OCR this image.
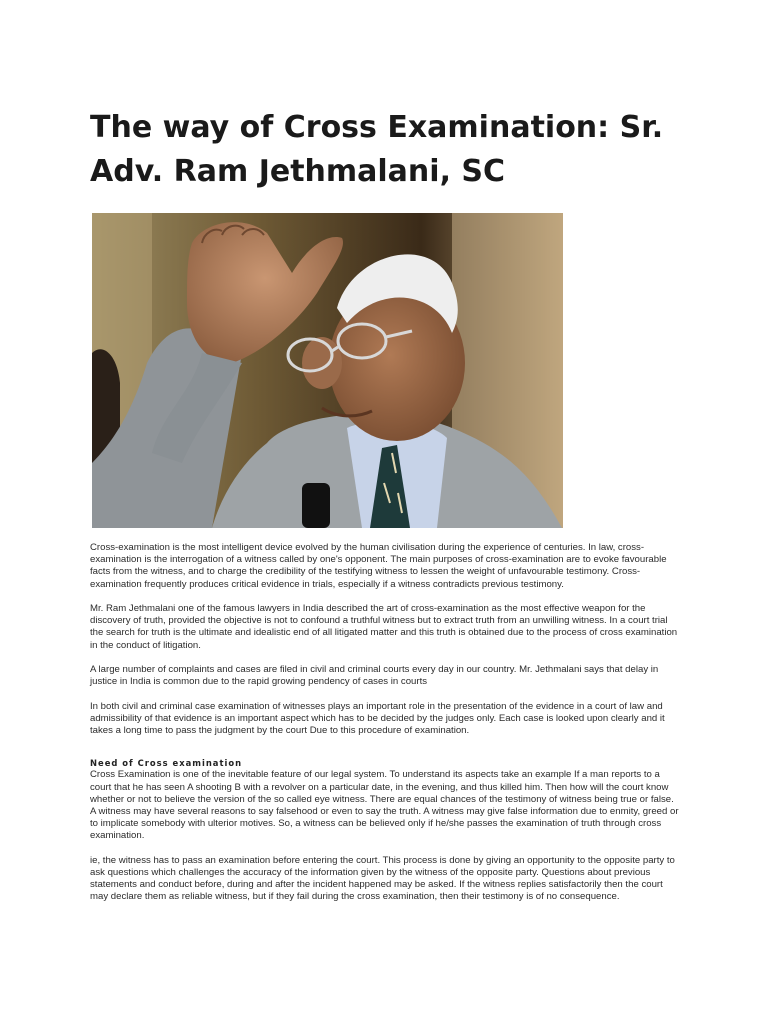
The way of Cross Examination: Sr. Adv. Ram Jethmalani, SC

Cross-examination is the most intelligent device evolved by the human civilisation during the experience of centuries. In law, cross-examination is the interrogation of a witness called by one's opponent. The main purposes of cross-examination are to evoke favourable facts from the witness, and to charge the credibility of the testifying witness to lessen the weight of unfavourable testimony. Cross-examination frequently produces critical evidence in trials, especially if a witness contradicts previous testimony.

Mr. Ram Jethmalani one of the famous lawyers in India described the art of cross-examination as the most effective weapon for the discovery of truth, provided the objective is not to confound a truthful witness but to extract truth from an unwilling witness. In a court trial the search for truth is the ultimate and idealistic end of all litigated matter and this truth is obtained due to the process of cross examination in the conduct of litigation.

A large number of complaints and cases are filed in civil and criminal courts every day in our country. Mr. Jethmalani says that delay in justice in India is common due to the rapid growing pendency of cases in courts

In both civil and criminal case examination of witnesses plays an important role in the presentation of the evidence in a court of law and admissibility of that evidence is an important aspect which has to be decided by the judges only. Each case is looked upon clearly and it takes a long time to pass the judgment by the court Due to this procedure of examination.

Need of Cross examination

Cross Examination is one of the inevitable feature of our legal system. To understand its aspects take an example If a man reports to a court that he has seen A shooting B with a revolver on a particular date, in the evening, and thus killed him. Then how will the court know whether or not to believe the version of the so called eye witness. There are equal chances of the testimony of witness being true or false. A witness may have several reasons to say falsehood or even to say the truth. A witness may give false information due to enmity, greed or to implicate somebody with ulterior motives. So, a witness can be believed only if he/she passes the examination of truth through cross examination.

ie, the witness has to pass an examination before entering the court. This process is done by giving an opportunity to the opposite party to ask questions which challenges the accuracy of the information given by the witness of the opposite party. Questions about previous statements and conduct before, during and after the incident happened may be asked. If the witness replies satisfactorily then the court may declare them as reliable witness, but if they fail during the cross examination, then their testimony is of no consequence.
